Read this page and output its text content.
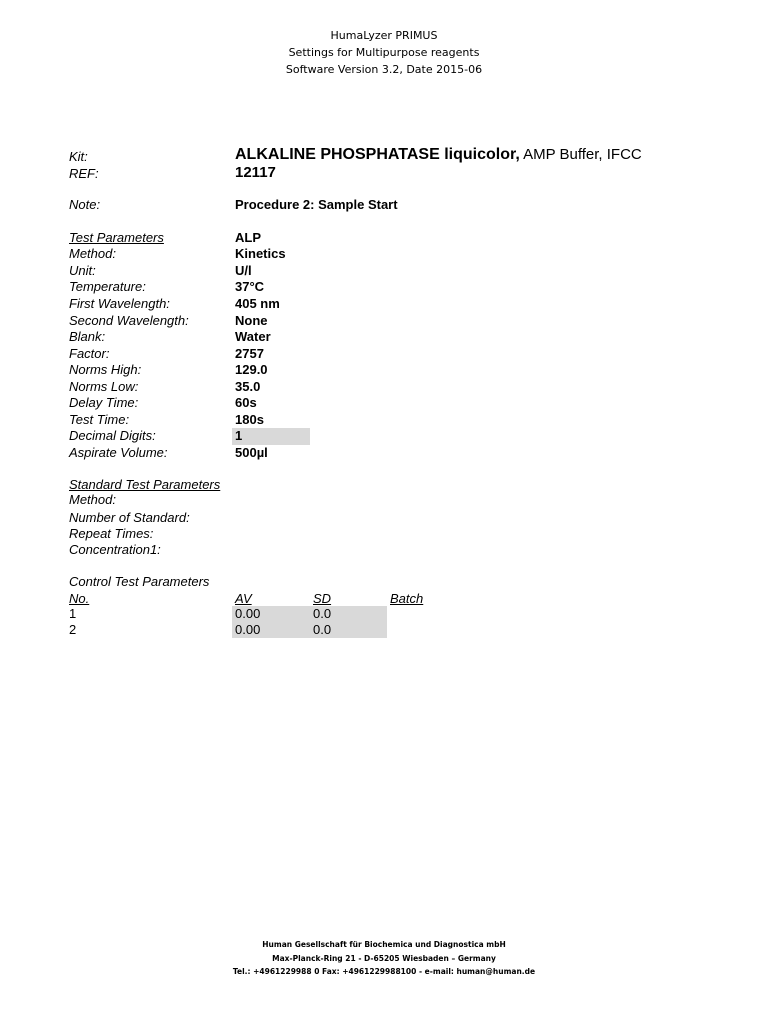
HumaLyzer PRIMUS
Settings for Multipurpose reagents
Software Version 3.2, Date 2015-06
Kit:	ALKALINE PHOSPHATASE liquicolor, AMP Buffer, IFCC
REF:	12117
Note:	Procedure 2: Sample Start
Test Parameters	ALP
Method:	Kinetics
Unit:	U/l
Temperature:	37°C
First Wavelength:	405 nm
Second Wavelength:	None
Blank:	Water
Factor:	2757
Norms High:	129.0
Norms Low:	35.0
Delay Time:	60s
Test Time:	180s
Decimal Digits:	1
Aspirate Volume:	500µl
Standard Test Parameters
Method:
Number of Standard:
Repeat Times:
Concentration1:
Control Test Parameters
No.	AV	SD	Batch
1	0.00	0.0
2	0.00	0.0
Human Gesellschaft für Biochemica und Diagnostica mbH
Max-Planck-Ring 21 - D-65205 Wiesbaden – Germany
Tel.: +4961229988 0 Fax: +4961229988100 - e-mail: human@human.de
